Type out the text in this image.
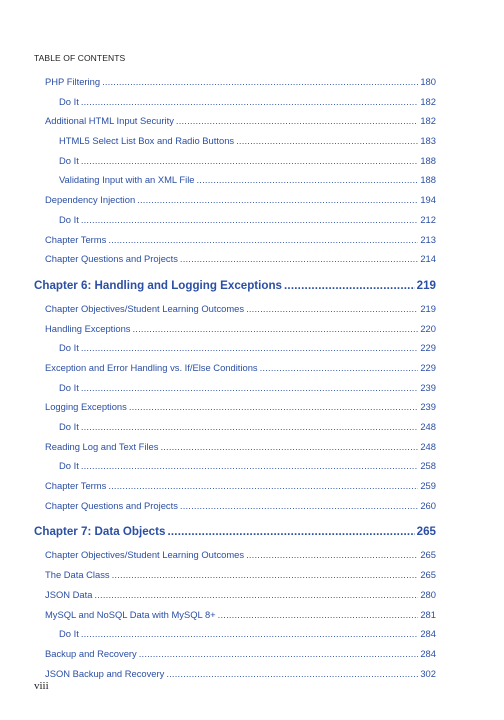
TABLE OF CONTENTS
PHP Filtering .....	180
Do It .....	182
Additional HTML Input Security .....	182
HTML5 Select List Box and Radio Buttons .....	183
Do It .....	188
Validating Input with an XML File .....	188
Dependency Injection .....	194
Do It .....	212
Chapter Terms .....	213
Chapter Questions and Projects .....	214
Chapter 6: Handling and Logging Exceptions .....	219
Chapter Objectives/Student Learning Outcomes .....	219
Handling Exceptions .....	220
Do It .....	229
Exception and Error Handling vs. If/Else Conditions .....	229
Do It .....	239
Logging Exceptions .....	239
Do It .....	248
Reading Log and Text Files .....	248
Do It .....	258
Chapter Terms .....	259
Chapter Questions and Projects .....	260
Chapter 7: Data Objects .....	265
Chapter Objectives/Student Learning Outcomes .....	265
The Data Class .....	265
JSON Data .....	280
MySQL and NoSQL Data with MySQL 8+ .....	281
Do It .....	284
Backup and Recovery .....	284
JSON Backup and Recovery .....	302
viii
